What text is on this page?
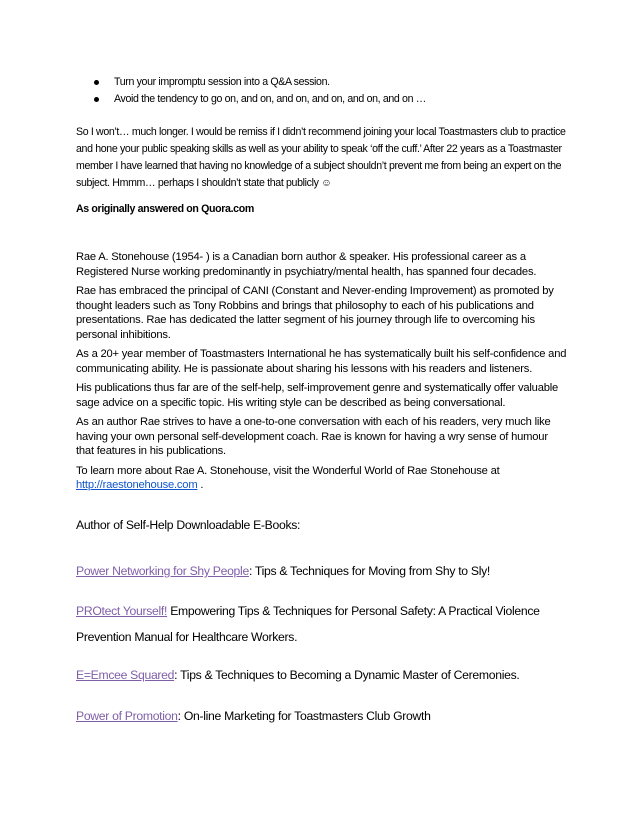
Turn your impromptu session into a Q&A session.
Avoid the tendency to go on, and on, and on, and on, and on, and on …

So I won’t… much longer. I would be remiss if I didn’t recommend joining your local Toastmasters club to practice and hone your public speaking skills as well as your ability to speak ‘off the cuff.’ After 22 years as a Toastmaster member I have learned that having no knowledge of a subject shouldn’t prevent me from being an expert on the subject. Hmmm… perhaps I shouldn’t state that publicly ☺

As originally answered on Quora.com

Rae A. Stonehouse (1954- ) is a Canadian born author & speaker. His professional career as a Registered Nurse working predominantly in psychiatry/mental health, has spanned four decades.

Rae has embraced the principal of CANI (Constant and Never-ending Improvement) as promoted by thought leaders such as Tony Robbins and brings that philosophy to each of his publications and presentations. Rae has dedicated the latter segment of his journey through life to overcoming his personal inhibitions.

As a 20+ year member of Toastmasters International he has systematically built his self-confidence and communicating ability. He is passionate about sharing his lessons with his readers and listeners.

His publications thus far are of the self-help, self-improvement genre and systematically offer valuable sage advice on a specific topic. His writing style can be described as being conversational.

As an author Rae strives to have a one-to-one conversation with each of his readers, very much like having your own personal self-development coach. Rae is known for having a wry sense of humour that features in his publications.

To learn more about Rae A. Stonehouse, visit the Wonderful World of Rae Stonehouse at
http://raestonehouse.com .

Author of Self-Help Downloadable E-Books:

Power Networking for Shy People: Tips & Techniques for Moving from Shy to Sly!

PROtect Yourself! Empowering Tips & Techniques for Personal Safety: A Practical Violence

Prevention Manual for Healthcare Workers.

E=Emcee Squared: Tips & Techniques to Becoming a Dynamic Master of Ceremonies.

Power of Promotion: On-line Marketing for Toastmasters Club Growth
